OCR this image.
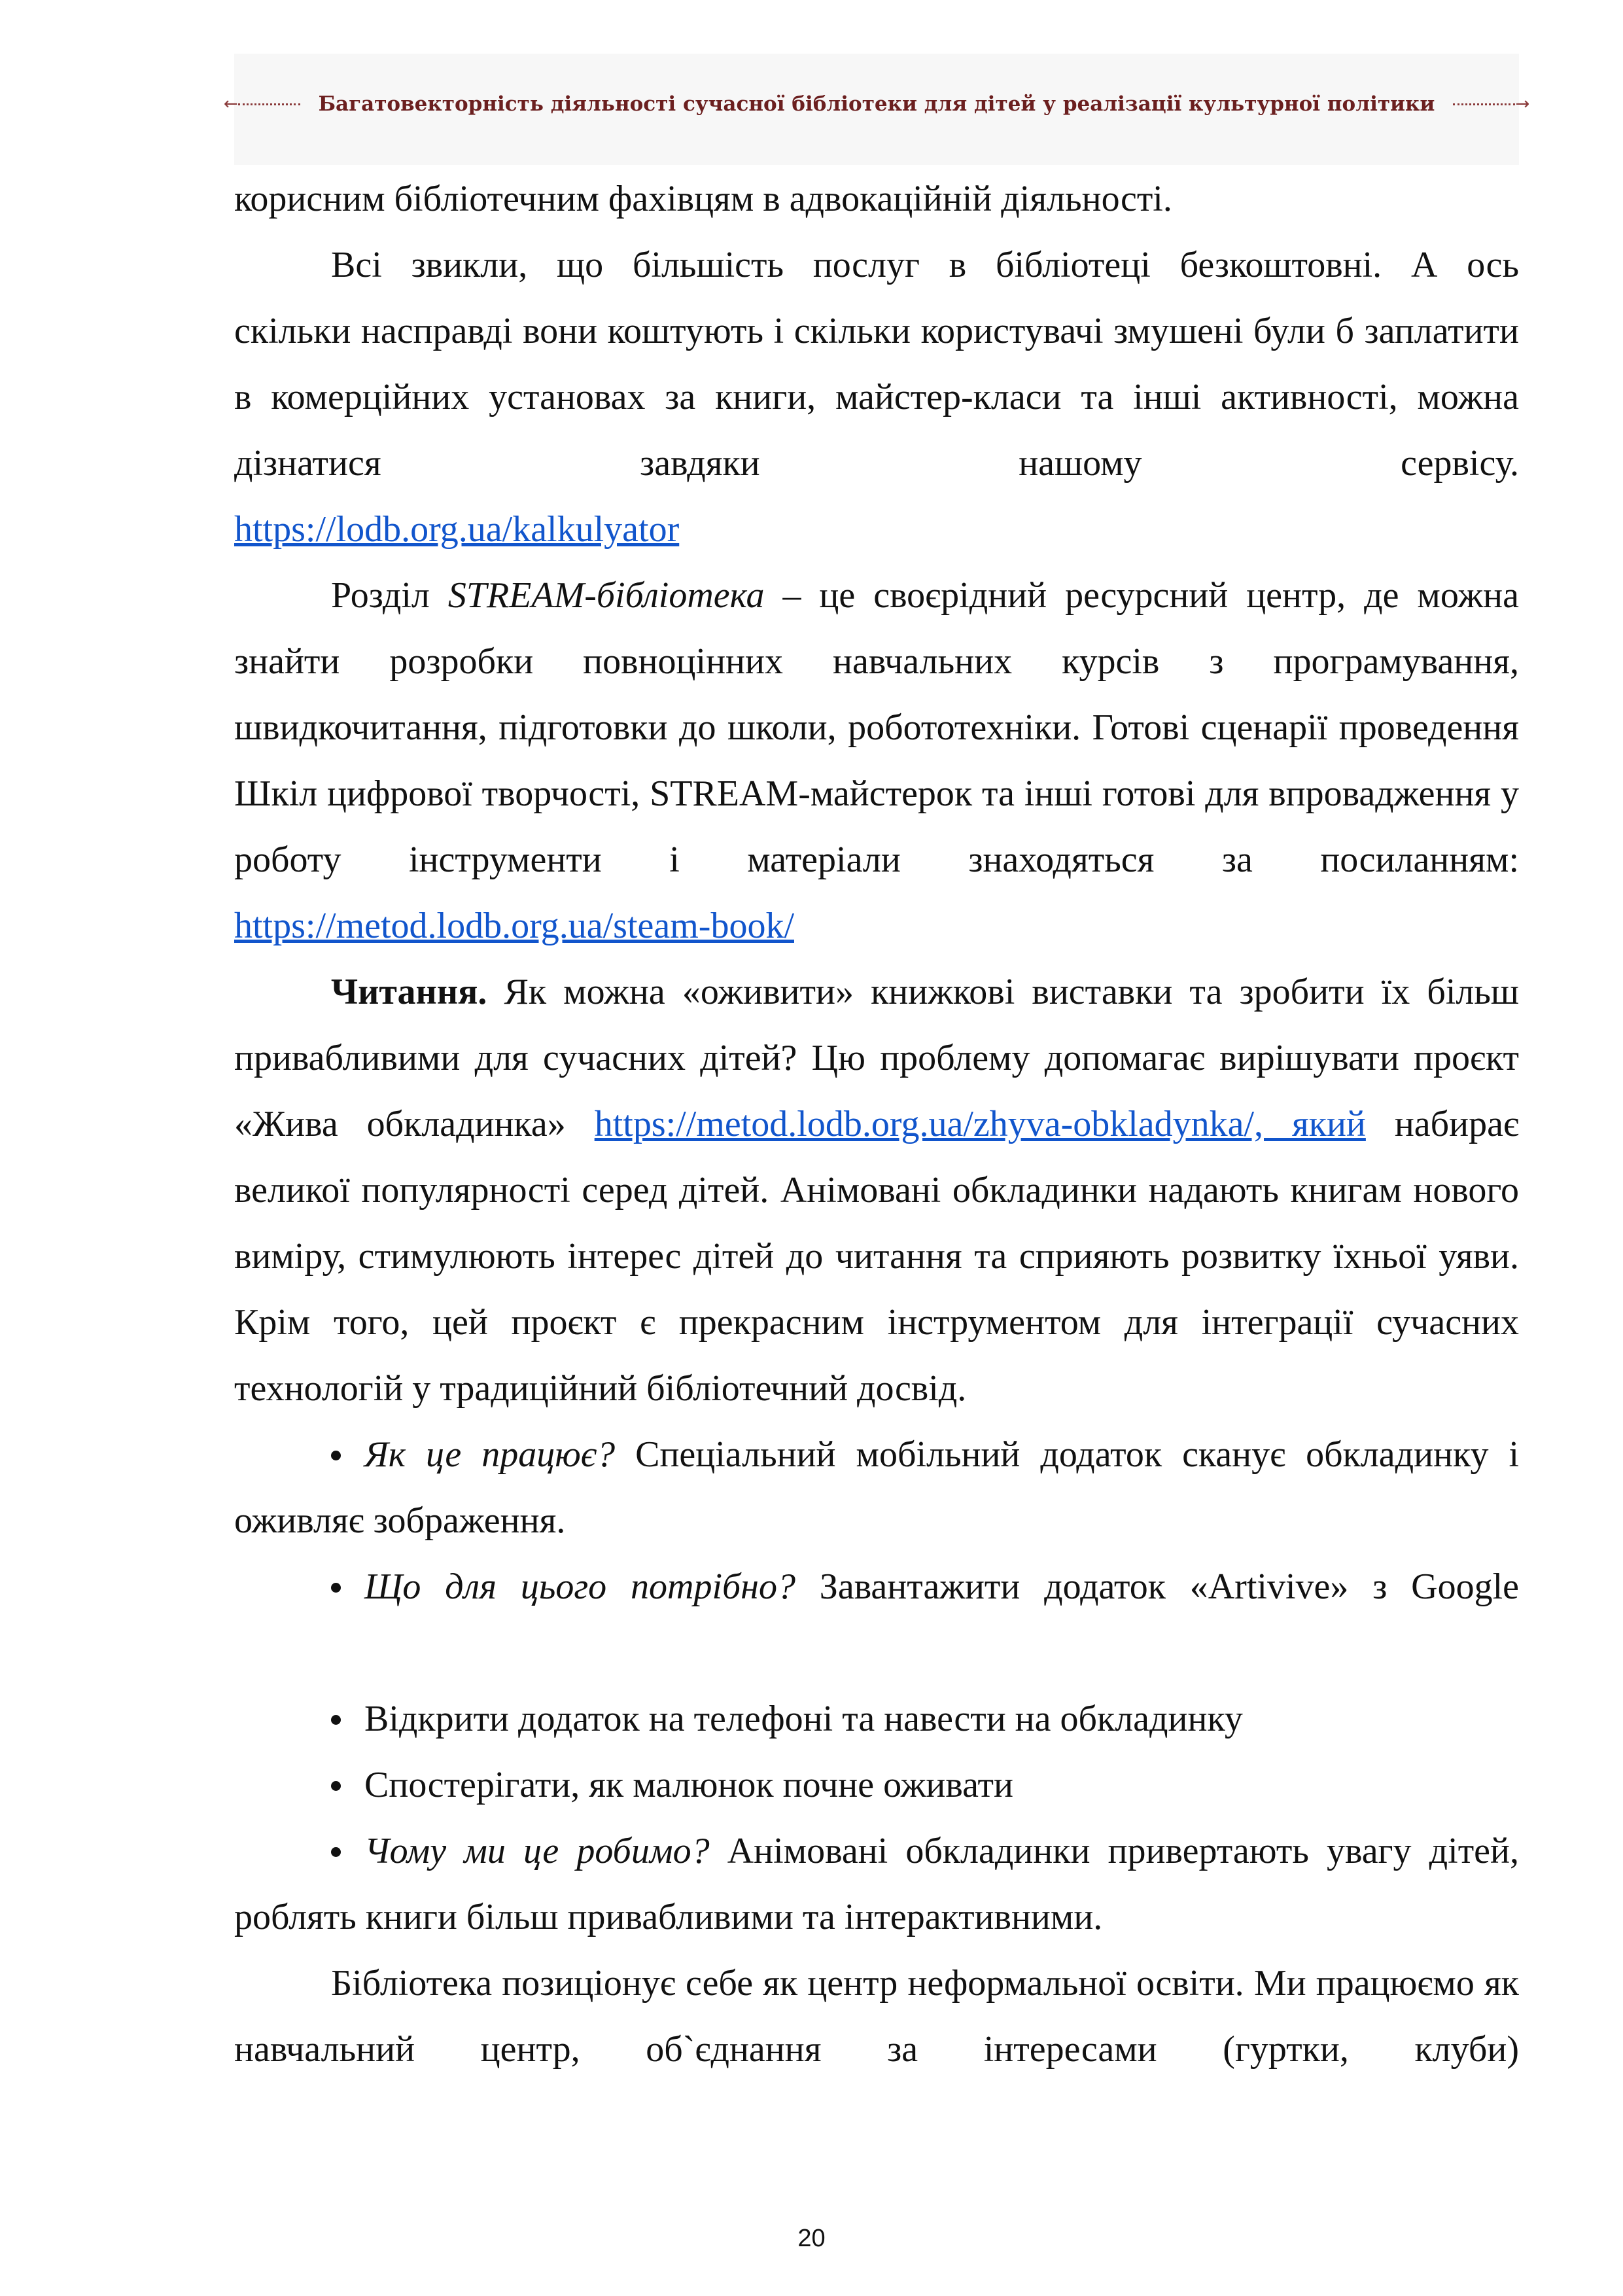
←	Багатовекторність діяльності сучасної бібліотеки для дітей у реалізації культурної політики	→

корисним бібліотечним фахівцям в адвокаційній діяльності.

Всі звикли, що більшість послуг в бібліотеці безкоштовні. А ось

скільки насправді вони коштують і скільки користувачі змушені були б заплатити в комерційних установах за книги, майстер-класи та інші активності, можна дізнатися завдяки нашому сервісу.

https://lodb.org.ua/kalkulyator

Розділ STREAM-бібліотека – це своєрідний ресурсний центр, де можна знайти розробки повноцінних навчальних курсів з програмування, швидкочитання, підготовки до школи, робототехніки. Готові сценарії проведення Шкіл цифрової творчості, STREAM-майстерок та інші готові для впровадження у роботу інструменти і матеріали знаходяться за посиланням: https://metod.lodb.org.ua/steam-book/

Читання. Як можна «оживити» книжкові виставки та зробити їх більш привабливими для сучасних дітей? Цю проблему допомагає вирішувати проєкт «Жива обкладинка» https://metod.lodb.org.ua/zhyva-obkladynka/, який набирає великої популярності серед дітей. Анімовані обкладинки надають книгам нового виміру, стимулюють інтерес дітей до читання та сприяють розвитку їхньої уяви. Крім того, цей проєкт є прекрасним інструментом для інтеграції сучасних технологій у традиційний бібліотечний досвід.

Як це працює? Спеціальний мобільний додаток сканує обкладинку і оживляє зображення.

Що для цього потрібно? Завантажити додаток «Artivive» з Google

Відкрити додаток на телефоні та навести на обкладинку

Спостерігати, як малюнок почне оживати

Чому ми це робимо? Анімовані обкладинки привертають увагу дітей, роблять книги більш привабливими та інтерактивними.

Бібліотека позиціонує себе як центр неформальної освіти. Ми працюємо як навчальний центр, об`єднання за інтересами (гуртки, клуби)

20
